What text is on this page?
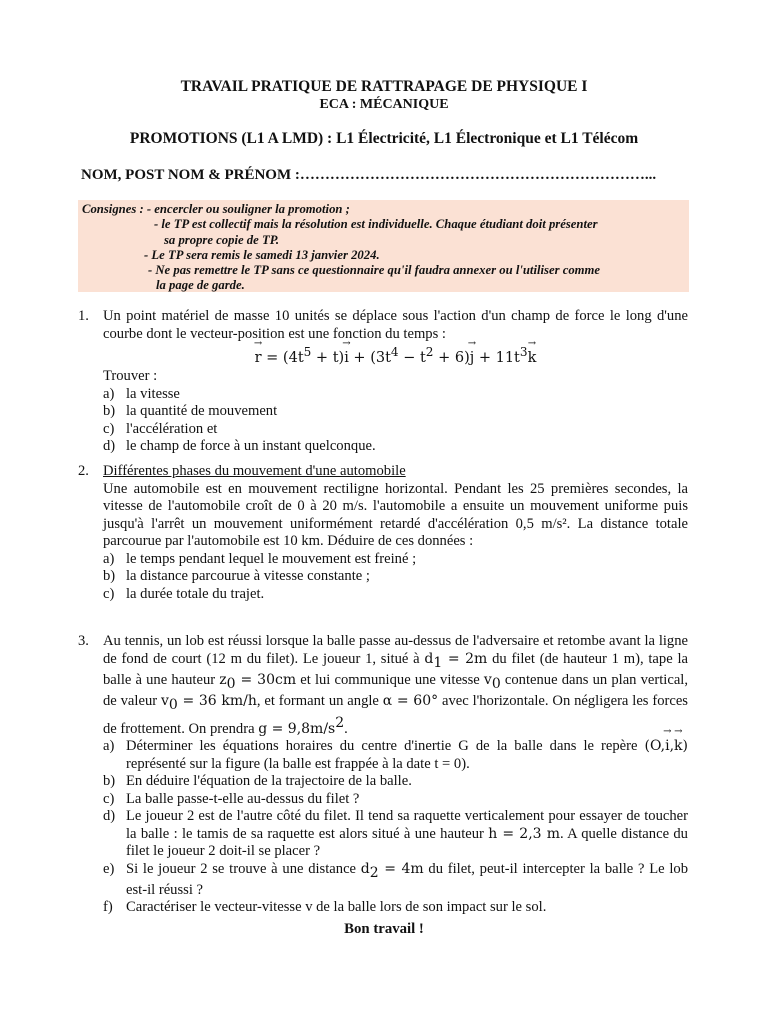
TRAVAIL PRATIQUE DE RATTRAPAGE DE PHYSIQUE I
ECA : MÉCANIQUE
PROMOTIONS (L1 A LMD) : L1 Électricité, L1 Électronique et L1 Télécom
NOM, POST NOM & PRÉNOM :……………………………………………………………...
Consignes : - encercler ou souligner la promotion ;
- le TP est collectif mais la résolution est individuelle. Chaque étudiant doit présenter
sa propre copie de TP.
- Le TP sera remis le samedi 13 janvier 2024.
- Ne pas remettre le TP sans ce questionnaire qu'il faudra annexer ou l'utiliser comme
la page de garde.
1. Un point matériel de masse 10 unités se déplace sous l'action d'un champ de force le long d'une courbe dont le vecteur-position est une fonction du temps :
→ $r = (4t^5 + t)\to i + (3t^4 - t^2 + 6)\to j + 11t^3\to k$
Trouver :
a) la vitesse
b) la quantité de mouvement
c) l'accélération et
d) le champ de force à un instant quelconque.
2. Différentes phases du mouvement d'une automobile
Une automobile est en mouvement rectiligne horizontal. Pendant les 25 premières secondes, la vitesse de l'automobile croît de 0 à 20 m/s. l'automobile a ensuite un mouvement uniforme puis jusqu'à l'arrêt un mouvement uniformément retardé d'accélération 0,5 m/s². La distance totale parcourue par l'automobile est 10 km. Déduire de ces données :
a) le temps pendant lequel le mouvement est freiné ;
b) la distance parcourue à vitesse constante ;
c) la durée totale du trajet.
3. Au tennis, un lob est réussi lorsque la balle passe au-dessus de l'adversaire et retombe avant la ligne de fond de court (12 m du filet). Le joueur 1, situé à $d_1 = 2m$ du filet (de hauteur 1 m), tape la balle à une hauteur $z_0 = 30cm$ et lui communique une vitesse $v_0$ contenue dans un plan vertical, de valeur $v_0 = 36$ km/h, et formant un angle α = 60° avec l'horizontale. On négligera les forces de frottement. On prendra $g = 9,8m/s^2$.
a) Déterminer les équations horaires du centre d'inertie G de la balle dans le repère (O,→ i,→ k) représenté sur la figure (la balle est frappée à la date t = 0).
b) En déduire l'équation de la trajectoire de la balle.
c) La balle passe-t-elle au-dessus du filet ?
d) Le joueur 2 est de l'autre côté du filet. Il tend sa raquette verticalement pour essayer de toucher la balle : le tamis de sa raquette est alors situé à une hauteur h = 2,3 m. A quelle distance du filet le joueur 2 doit-il se placer ?
e) Si le joueur 2 se trouve à une distance $d_2 = 4m$ du filet, peut-il intercepter la balle ? Le lob est-il réussi ?
f) Caractériser le vecteur-vitesse v de la balle lors de son impact sur le sol.
Bon travail !
